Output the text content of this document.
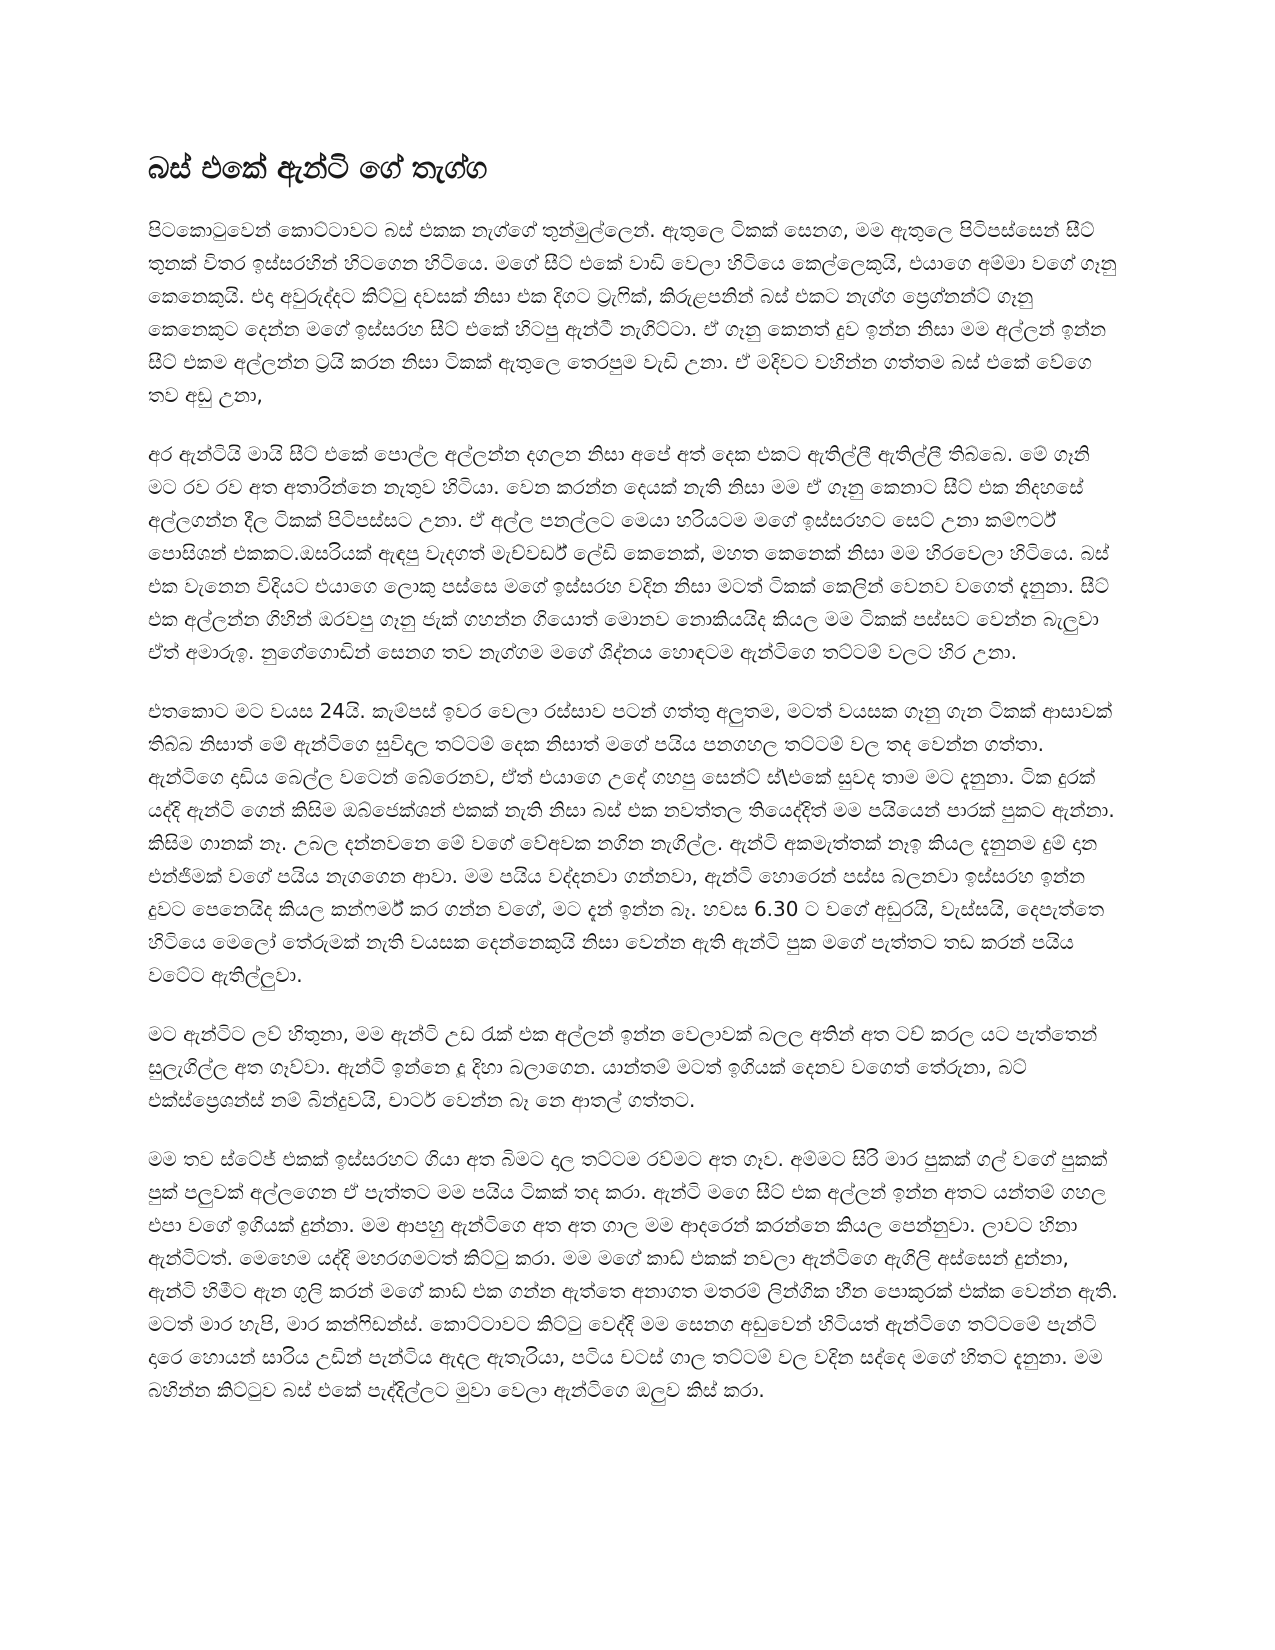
බස් එකේ ඇන්ටි ගේ තැග්ග

පිටකොටුවෙන් කොට්ටාවට බස් එකක නැග්ගේ තුන්මුල්ලෙන්. ඇතුලෙ ටිකක් සෙනග, මම ඇතුලෙ පිටිපස්සෙන් සීට් තුනක් විතර ඉස්සරහින් හිටගෙන හිටියෙ. මගේ සීට් එකේ වාඩි වෙලා හිටියෙ කෙල්ලෙකුයි, එයාගෙ අම්මා වගේ ගෑනු කෙනෙකුයි. එදා අවුරුද්දට කිට්ටු දවසක් නිසා එක දිගට ට්‍රැෆික්, කිරුළපනින් බස් එකට නැග්ග ප්‍රෙග්නන්ට් ගෑනු කෙනෙකුට දෙන්න මගේ ඉස්සරහ සීට් එකේ හිටපු ඇන්ටී නැගිට්ටා. ඒ ගෑනු කෙනත් දුව ඉන්න නිසා මම අල්ලන් ඉන්න සීට් එකම අල්ලන්න ට්‍රයි කරන නිසා ටිකක් ඇතුලෙ තෙරපුම වැඩි උනා. ඒ මදිවට වහින්න ගත්තම බස් එකේ වේගෙ තව අඩු උනා,

අර ඇන්ටියි මායි සීට් එකේ පොල්ල අල්ලන්න දගලන නිසා අපේ අත් දෙක එකට ඇතිල්ලී ඇතිල්ලී තිබ්බෙ. මේ ගෑනි මට රව රව අත අතාරින්නෙ නැතුව හිටියා. වෙන කරන්න දෙයක් නැති නිසා මම ඒ ගෑනු කෙනාට සීට් එක නිදහසේ අල්ලගන්න දීල ටිකක් පිටිපස්සට උනා. ඒ අල්ල පනල්ලට මෙයා හරියටම මගේ ඉස්සරහට සෙට් උනා කම්ෆර්ට් පොසිශන් එකකට.ඔසරියක් ඇඳපු වැදගත් මැච්වර්ඩ් ලේඩි කෙනෙක්, මහත කෙනෙක් නිසා මම හිරවෙලා හිටියෙ. බස් එක වැනෙන විදියට එයාගෙ ලොකු පස්සෙ මගේ ඉස්සරහ වදින නිසා මටත් ටිකක් කෙලින් වෙනව වගෙත් දැනුනා. සීට් එක අල්ලන්න ගිහින් ඔරවපු ගෑනු ජැක් ගහන්න ගියොත් මොනව නොකියයිද කියල මම ටිකක් පස්සට වෙන්න බැලුවා ඒත් අමාරුඉ. නුගේගොඩින් සෙනග තව නැග්ගම මගේ ශිද්නය හොඳටම ඇන්ටිගෙ තට්ටම් වලට හිර උනා.

එතකොට මට වයස 24යි. කැම්පස් ඉවර වෙලා රස්සාව පටන් ගත්තු අලුතම, මටත් වයසක ගෑනු ගැන ටිකක් ආසාවක් තිබ්බ නිසාත් මේ ඇන්ටිගෙ සුවිදාල තට්ටම් දෙක නිසාත් මගේ පයිය පනගහල තට්ටම් වල තද වෙන්න ගත්තා. ඇන්ටිගෙ දාඩිය බෙල්ල වටෙන් බේරෙනව, ඒත් එයාගෙ උදේ ගහපු සෙන්ට් ස්\එකේ සුවද තාම මට දැනුනා. ටික දුරක් යද්දි ඇන්ටි ගෙන් කිසිම ඔබ්ජෙක්ශන් එකක් නැති නිසා බස් එක නවත්තල තියෙද්දිත් මම පයියෙන් පාරක් පුකට ඇන්නා. කිසිම ගානක් නෑ. උබල දන්නවනෙ මේ වගේ වේඅවක නගින නැගිල්ල. ඇන්ටි අකමැත්තක් නෑඉ කියල දැනුනම දුම් දාන එන්ජිමක් වගේ පයිය නැගගෙන ආවා. මම පයිය වද්දනවා ගන්නවා, ඇන්ටි හොරෙන් පස්ස බලනවා ඉස්සරහ ඉන්න දුවට පෙනෙයිද කියල කන්ෆර්ම් කර ගන්න වගේ, මට දැන් ඉන්න බෑ. හවස 6.30 ට වගේ අඩුරයි, වැස්සයි, දෙපැත්තෙ හිටියෙ මෙලෝ තේරුමක් නැති වයසක දෙන්නෙකුයි නිසා වෙන්න ඇති ඇන්ටි පුක මගේ පැත්තට තඩ කරන් පයිය වටේට ඇතිල්ලුවා.

මට ඇන්ටිට ලව් හිතුනා, මම ඇන්ටි උඩ රැක් එක අල්ලන් ඉන්න වෙලාවක් බලල අතින් අත ටච් කරල යට පැත්තෙන් සුලැගිල්ල අත ගෑව්වා. ඇන්ටි ඉන්නෙ දූ දිහා බලාගෙන. යාන්තම් මටත් ඉගියක් දෙනව වගෙත් තේරුනා, බට් එක්ස්ප්‍රෙශන්ස් නම් බින්දුවයි, චාටර් වෙන්න බෑ නෙ ආතල් ගත්තට.

මම තව ස්ටේජ් එකක් ඉස්සරහට ගියා අත බිමට දාල තට්ටම රව්මට අත ගෑව. අම්මට සිරි මාර පුකක් ගල් වගේ පුකක් පුක් පලුවක් අල්ලගෙන ඒ පැත්තට මම පයිය ටිකක් තද කරා. ඇන්ටි මගෙ සීට් එක අල්ලන් ඉන්න අතට යන්තම් ගහල එපා වගේ ඉගියක් දුන්නා. මම ආපහු ඇන්ටිගෙ අත අත ගාල මම ආදරෙන් කරන්නෙ කියල පෙන්නුවා. ලාවට හිනා ඇන්ටිටත්. මෙහෙම යද්දි මහරගමටත් කිට්ටු කරා. මම මගේ කාඩ් එකක් නවලා ඇන්ටිගෙ ඇගිලි අස්සෙන් දුන්නා, ඇන්ටි හිමීට ඇන ගුලි කරන් මගේ කාඩ් එක ගන්න ඇත්තෙ අනාගත මතරම් ලින්ගික හීන පොකුරක් එක්ක වෙන්න ඇති. මටත් මාර හැපි, මාර කන්ෆිඩන්ස්. කොට්ටාවට කිට්ටු වෙද්දි මම සෙනග අඩුවෙන් හිටියත් ඇන්ටිගෙ තට්ටමේ පැන්ටි දාරෙ හොයන් සාරිය උඩින් පැන්ටිය ඇදල ඇතැරියා, පටිය චටස් ගාල තට්ටම් වල වදින සද්දෙ මගේ හිතට දැනුනා. මම බහින්න කිට්ටුව බස් එකේ පැද්දිල්ලට මුවා වෙලා ඇන්ටිගෙ ඔලුව කිස් කරා.
